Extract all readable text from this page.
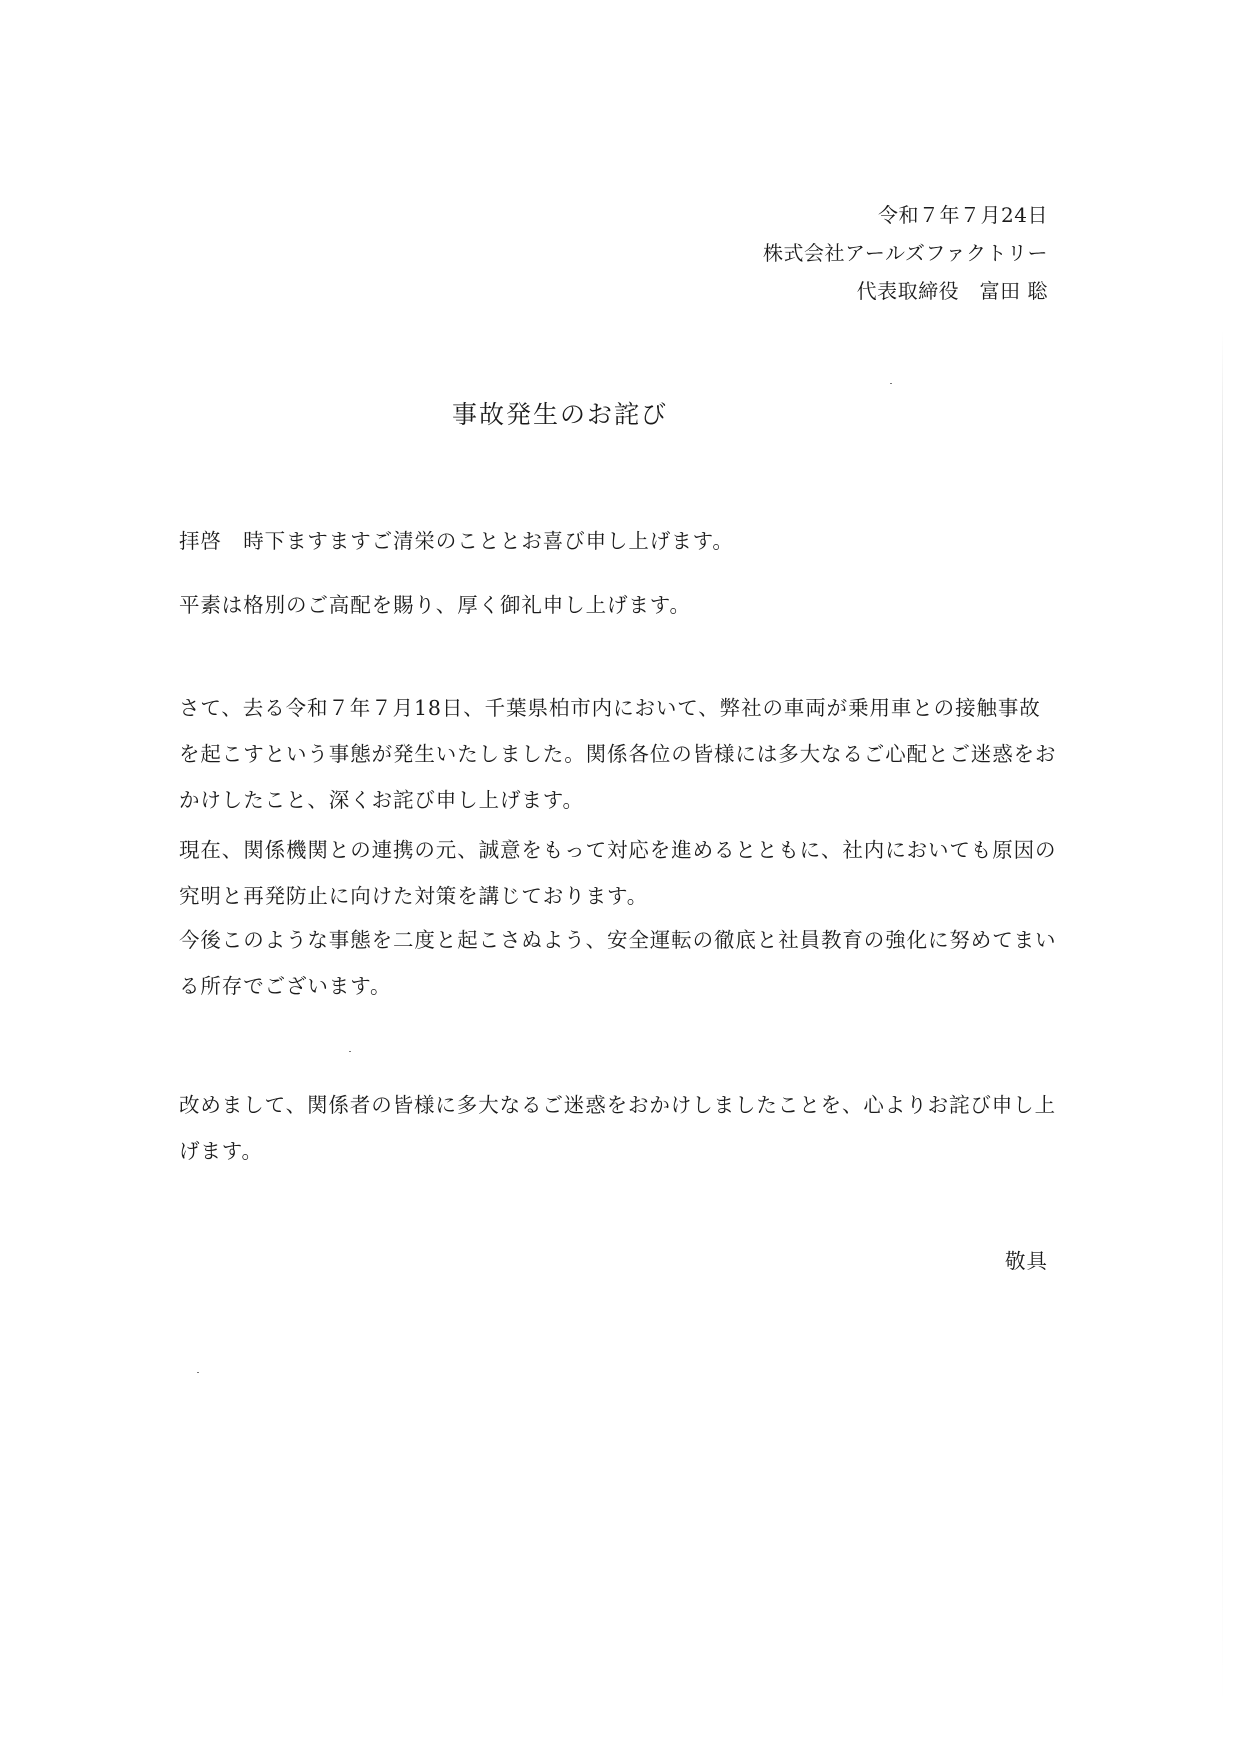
令和７年７月24日
株式会社アールズファクトリー
代表取締役　富田 聡
事故発生のお詫び
拝啓　時下ますますご清栄のこととお喜び申し上げます。
平素は格別のご高配を賜り、厚く御礼申し上げます。
さて、去る令和７年７月18日、千葉県柏市内において、弊社の車両が乗用車との接触事故を起こすという事態が発生いたしました。関係各位の皆様には多大なるご心配とご迷惑をおかけしたこと、深くお詫び申し上げます。
現在、関係機関との連携の元、誠意をもって対応を進めるとともに、社内においても原因の究明と再発防止に向けた対策を講じております。
今後このような事態を二度と起こさぬよう、安全運転の徹底と社員教育の強化に努めてまいる所存でございます。
改めまして、関係者の皆様に多大なるご迷惑をおかけしましたことを、心よりお詫び申し上げます。
敬具
